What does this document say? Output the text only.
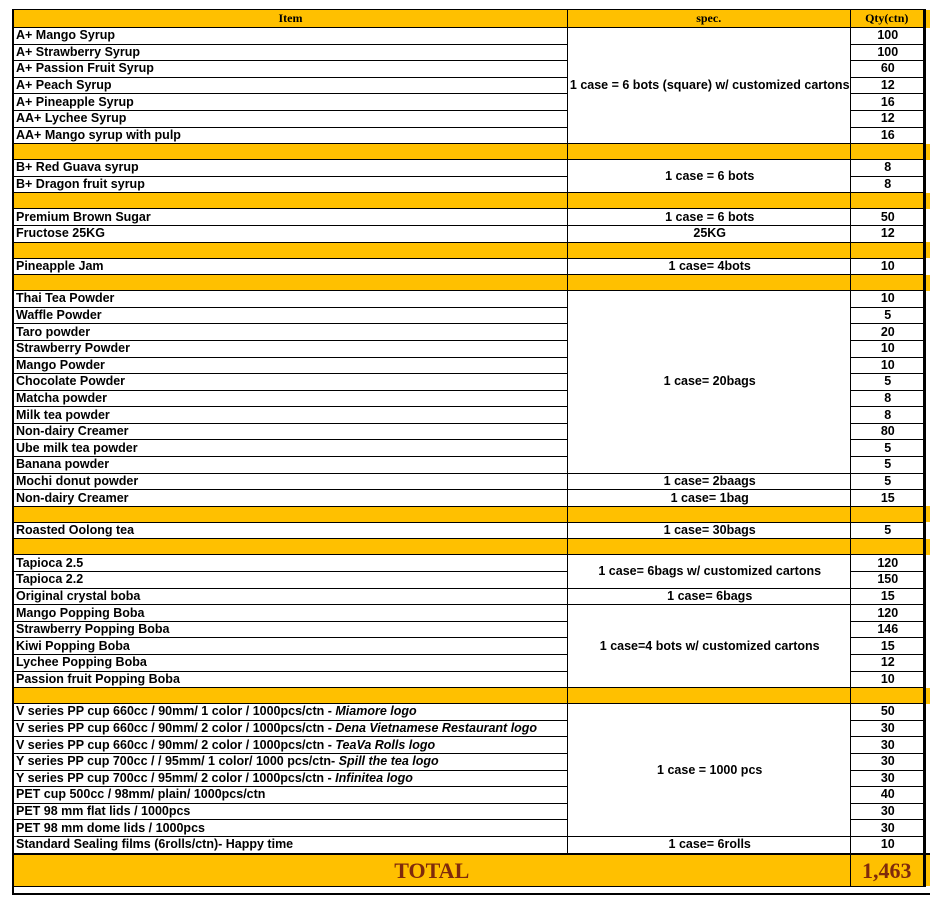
Item	spec.	Qty(ctn)	
A+ Mango Syrup	1 case = 6 bots (square) w/ customized cartons	100	
A+ Strawberry Syrup		100	
A+ Passion Fruit Syrup		60	
A+ Peach Syrup		12	
A+ Pineapple Syrup		16	
AA+ Lychee Syrup		12	
AA+ Mango syrup with pulp		16	

B+ Red Guava syrup	1 case = 6 bots	8	
B+ Dragon fruit syrup		8	

Premium Brown Sugar	1 case = 6 bots	50	
Fructose 25KG	25KG	12	

Pineapple Jam	1 case= 4bots	10	

Thai Tea Powder	1 case= 20bags	10	
Waffle Powder		5	
Taro powder		20	
Strawberry Powder		10	
Mango Powder		10	
Chocolate Powder		5	
Matcha powder		8	
Milk tea powder		8	
Non-dairy Creamer		80	
Ube milk tea powder		5	
Banana powder		5	
Mochi donut powder	1 case= 2baags	5	
Non-dairy Creamer	1 case= 1bag	15	

Roasted Oolong tea	1 case= 30bags	5	

Tapioca 2.5	1 case= 6bags w/ customized cartons	120	
Tapioca 2.2		150	
Original crystal boba	1 case= 6bags	15	
Mango Popping Boba	1 case=4 bots w/ customized cartons	120	
Strawberry Popping Boba		146	
Kiwi Popping Boba		15	
Lychee Popping Boba		12	
Passion fruit Popping Boba		10	

V series PP cup 660cc / 90mm/ 1 color / 1000pcs/ctn - Miamore logo	1 case = 1000 pcs	50	
V series PP cup 660cc / 90mm/ 2 color / 1000pcs/ctn - Dena Vietnamese Restaurant logo		30	
V series PP cup 660cc / 90mm/ 2 color / 1000pcs/ctn - TeaVa Rolls logo		30	
Y series PP cup 700cc / / 95mm/ 1 color/ 1000 pcs/ctn- Spill the tea logo		30	
Y series PP cup 700cc / 95mm/ 2 color / 1000pcs/ctn - Infinitea logo		30	
PET cup 500cc / 98mm/ plain/ 1000pcs/ctn		40	
PET 98 mm flat lids / 1000pcs		30	
PET 98 mm dome lids / 1000pcs		30	
Standard Sealing films (6rolls/ctn)- Happy time	1 case= 6rolls	10	
TOTAL		1,463	
